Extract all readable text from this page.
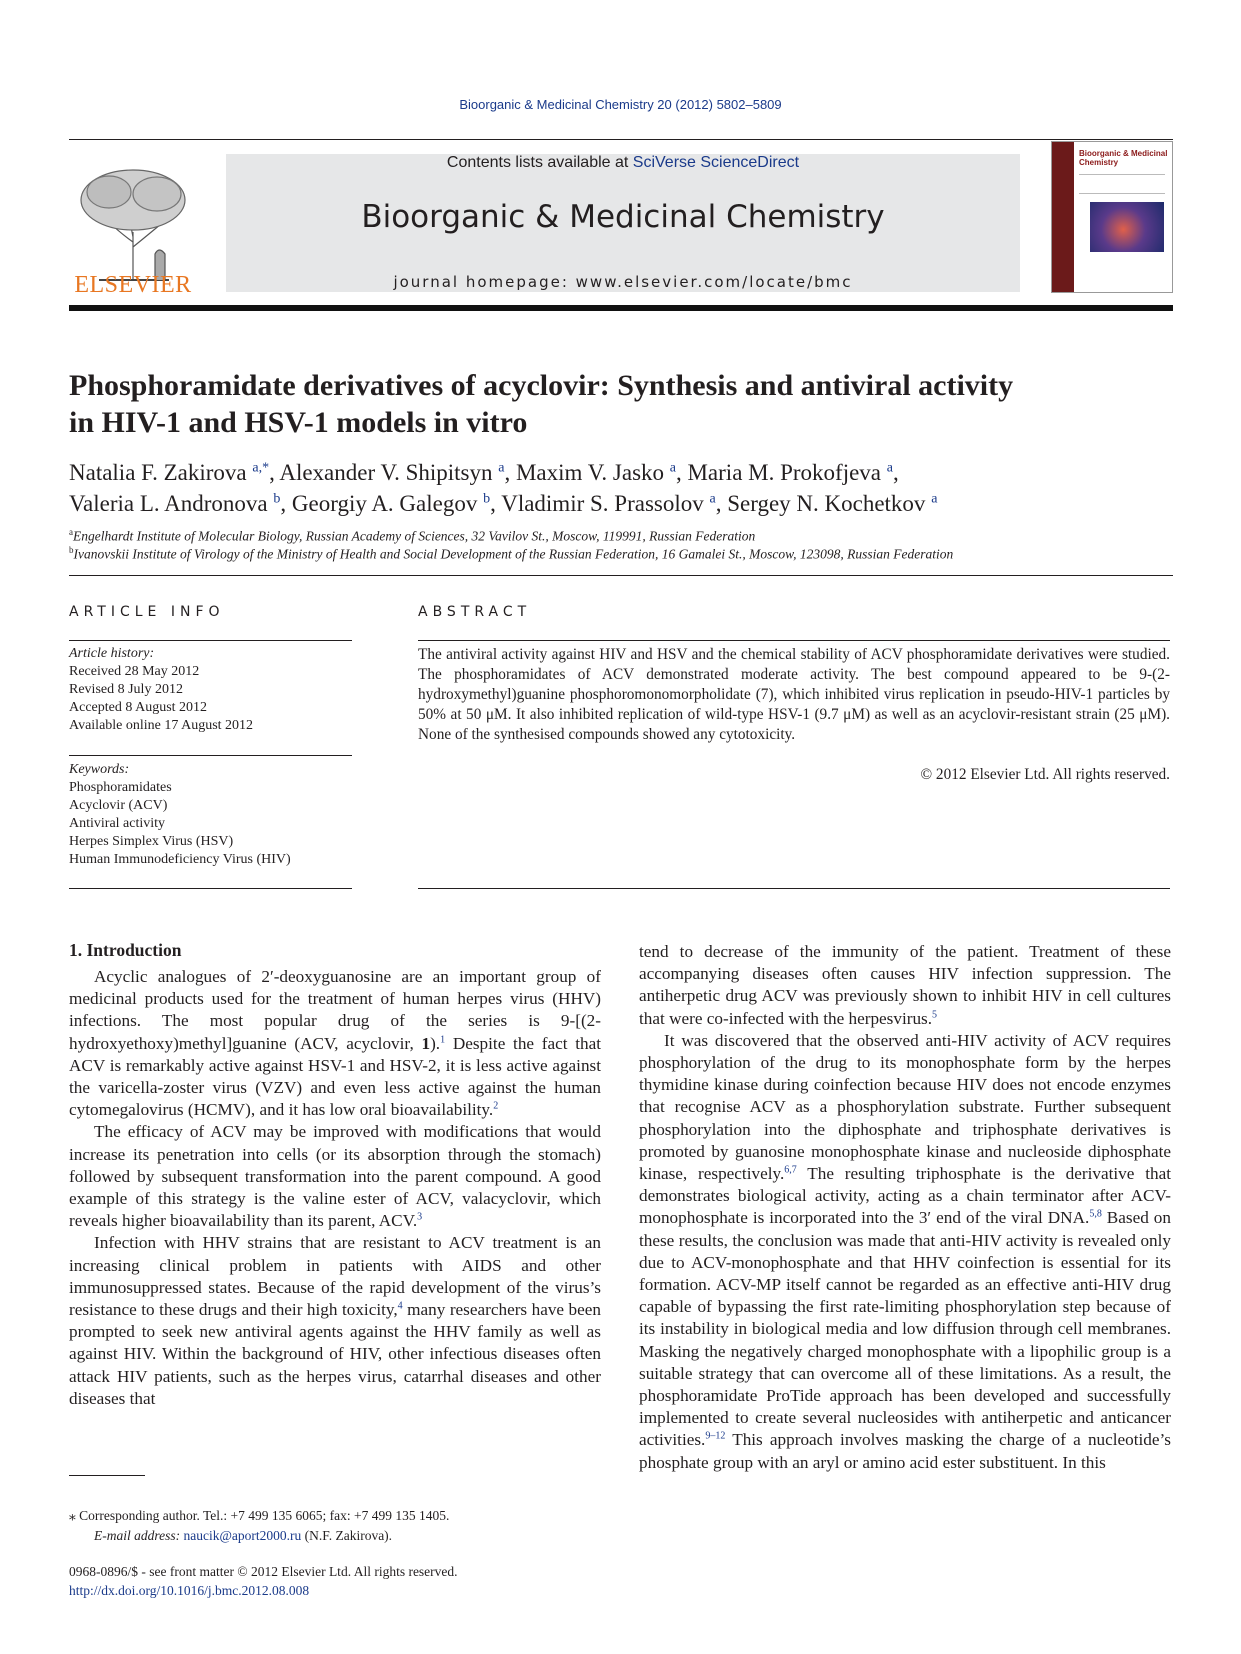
Bioorganic & Medicinal Chemistry 20 (2012) 5802–5809
ELSEVIER
Contents lists available at SciVerse ScienceDirect
Bioorganic & Medicinal Chemistry
journal homepage: www.elsevier.com/locate/bmc
Bioorganic & Medicinal Chemistry
Phosphoramidate derivatives of acyclovir: Synthesis and antiviral activity
in HIV-1 and HSV-1 models in vitro
Natalia F. Zakirova $^{a,*}$, Alexander V. Shipitsyn $^a$, Maxim V. Jasko $^a$, Maria M. Prokofjeva $^a$,
Valeria L. Andronova $^b$, Georgiy A. Galegov $^b$, Vladimir S. Prassolov $^a$, Sergey N. Kochetkov $^a$
$^a$Engelhardt Institute of Molecular Biology, Russian Academy of Sciences, 32 Vavilov St., Moscow, 119991, Russian Federation
$^b$Ivanovskii Institute of Virology of the Ministry of Health and Social Development of the Russian Federation, 16 Gamalei St., Moscow, 123098, Russian Federation
ARTICLE INFO
Article history:
Received 28 May 2012
Revised 8 July 2012
Accepted 8 August 2012
Available online 17 August 2012
Keywords:
Phosphoramidates
Acyclovir (ACV)
Antiviral activity
Herpes Simplex Virus (HSV)
Human Immunodeficiency Virus (HIV)
ABSTRACT
The antiviral activity against HIV and HSV and the chemical stability of ACV phosphoramidate derivatives were studied. The phosphoramidates of ACV demonstrated moderate activity. The best compound appeared to be 9-(2-hydroxymethyl)guanine phosphoromonomorpholidate (7), which inhibited virus replication in pseudo-HIV-1 particles by 50% at 50 μM. It also inhibited replication of wild-type HSV-1 (9.7 μM) as well as an acyclovir-resistant strain (25 μM). None of the synthesised compounds showed any cytotoxicity.
© 2012 Elsevier Ltd. All rights reserved.
1. Introduction

Acyclic analogues of 2′-deoxyguanosine are an important group of medicinal products used for the treatment of human herpes virus (HHV) infections. The most popular drug of the series is 9-[(2-hydroxyethoxy)methyl]guanine (ACV, acyclovir, 1).$^1$ Despite the fact that ACV is remarkably active against HSV-1 and HSV-2, it is less active against the varicella-zoster virus (VZV) and even less active against the human cytomegalovirus (HCMV), and it has low oral bioavailability.$^2$

The efficacy of ACV may be improved with modifications that would increase its penetration into cells (or its absorption through the stomach) followed by subsequent transformation into the parent compound. A good example of this strategy is the valine ester of ACV, valacyclovir, which reveals higher bioavailability than its parent, ACV.$^3$

Infection with HHV strains that are resistant to ACV treatment is an increasing clinical problem in patients with AIDS and other immunosuppressed states. Because of the rapid development of the virus’s resistance to these drugs and their high toxicity,$^4$ many researchers have been prompted to seek new antiviral agents against the HHV family as well as against HIV. Within the background of HIV, other infectious diseases often attack HIV patients, such as the herpes virus, catarrhal diseases and other diseases that

tend to decrease of the immunity of the patient. Treatment of these accompanying diseases often causes HIV infection suppression. The antiherpetic drug ACV was previously shown to inhibit HIV in cell cultures that were co-infected with the herpesvirus.$^5$

It was discovered that the observed anti-HIV activity of ACV requires phosphorylation of the drug to its monophosphate form by the herpes thymidine kinase during coinfection because HIV does not encode enzymes that recognise ACV as a phosphorylation substrate. Further subsequent phosphorylation into the diphosphate and triphosphate derivatives is promoted by guanosine monophosphate kinase and nucleoside diphosphate kinase, respectively.$^{6,7}$ The resulting triphosphate is the derivative that demonstrates biological activity, acting as a chain terminator after ACV-monophosphate is incorporated into the 3′ end of the viral DNA.$^{5,8}$ Based on these results, the conclusion was made that anti-HIV activity is revealed only due to ACV-monophosphate and that HHV coinfection is essential for its formation. ACV-MP itself cannot be regarded as an effective anti-HIV drug capable of bypassing the first rate-limiting phosphorylation step because of its instability in biological media and low diffusion through cell membranes. Masking the negatively charged monophosphate with a lipophilic group is a suitable strategy that can overcome all of these limitations. As a result, the phosphoramidate ProTide approach has been developed and successfully implemented to create several nucleosides with antiherpetic and anticancer activities.$^{9-12}$ This approach involves masking the charge of a nucleotide’s phosphate group with an aryl or amino acid ester substituent. In this

⁎ Corresponding author. Tel.: +7 499 135 6065; fax: +7 499 135 1405.
E-mail address: naucik@aport2000.ru (N.F. Zakirova).
0968-0896/$ - see front matter © 2012 Elsevier Ltd. All rights reserved.
http://dx.doi.org/10.1016/j.bmc.2012.08.008
